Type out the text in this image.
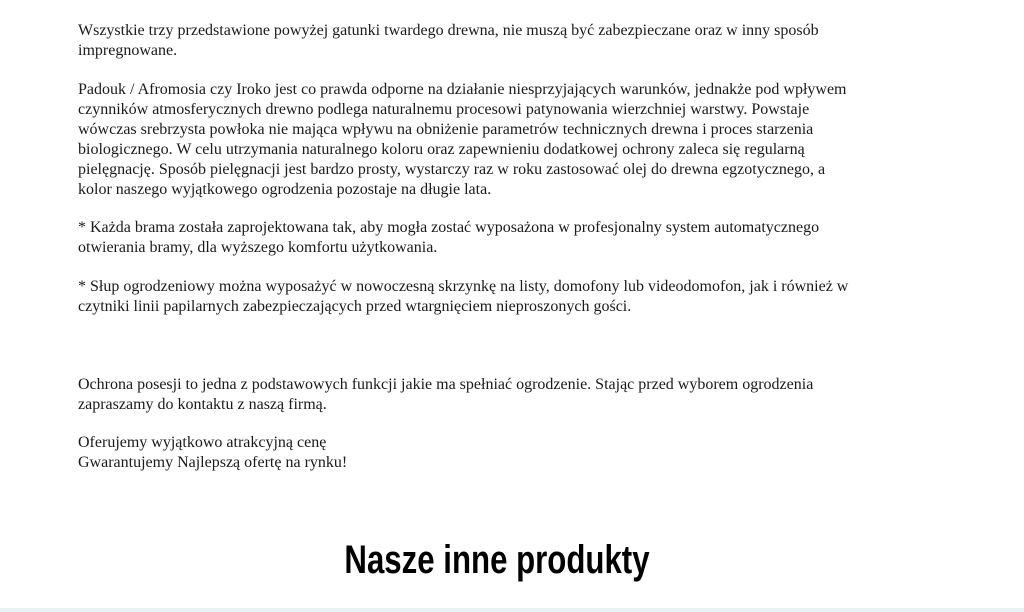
Wszystkie trzy przedstawione powyżej gatunki twardego drewna, nie muszą być zabezpieczane oraz w inny sposób
impregnowane.

Padouk / Afromosia czy Iroko jest co prawda odporne na działanie niesprzyjających warunków, jednakże pod wpływem
czynników atmosferycznych drewno podlega naturalnemu procesowi patynowania wierzchniej warstwy. Powstaje
wówczas srebrzysta powłoka nie mająca wpływu na obniżenie parametrów technicznych drewna i proces starzenia
biologicznego. W celu utrzymania naturalnego koloru oraz zapewnieniu dodatkowej ochrony zaleca się regularną
pielęgnację. Sposób pielęgnacji jest bardzo prosty, wystarczy raz w roku zastosować olej do drewna egzotycznego, a
kolor naszego wyjątkowego ogrodzenia pozostaje na długie lata.

* Każda brama została zaprojektowana tak, aby mogła zostać wyposażona w profesjonalny system automatycznego
otwierania bramy, dla wyższego komfortu użytkowania.

* Słup ogrodzeniowy można wyposażyć w nowoczesną skrzynkę na listy, domofony lub videodomofon, jak i również w
czytniki linii papilarnych zabezpieczających przed wtargnięciem nieproszonych gości.

Ochrona posesji to jedna z podstawowych funkcji jakie ma spełniać ogrodzenie. Stając przed wyborem ogrodzenia
zapraszamy do kontaktu z naszą firmą.

Oferujemy wyjątkowo atrakcyjną cenę
Gwarantujemy Najlepszą ofertę na rynku!

Nasze inne produkty
